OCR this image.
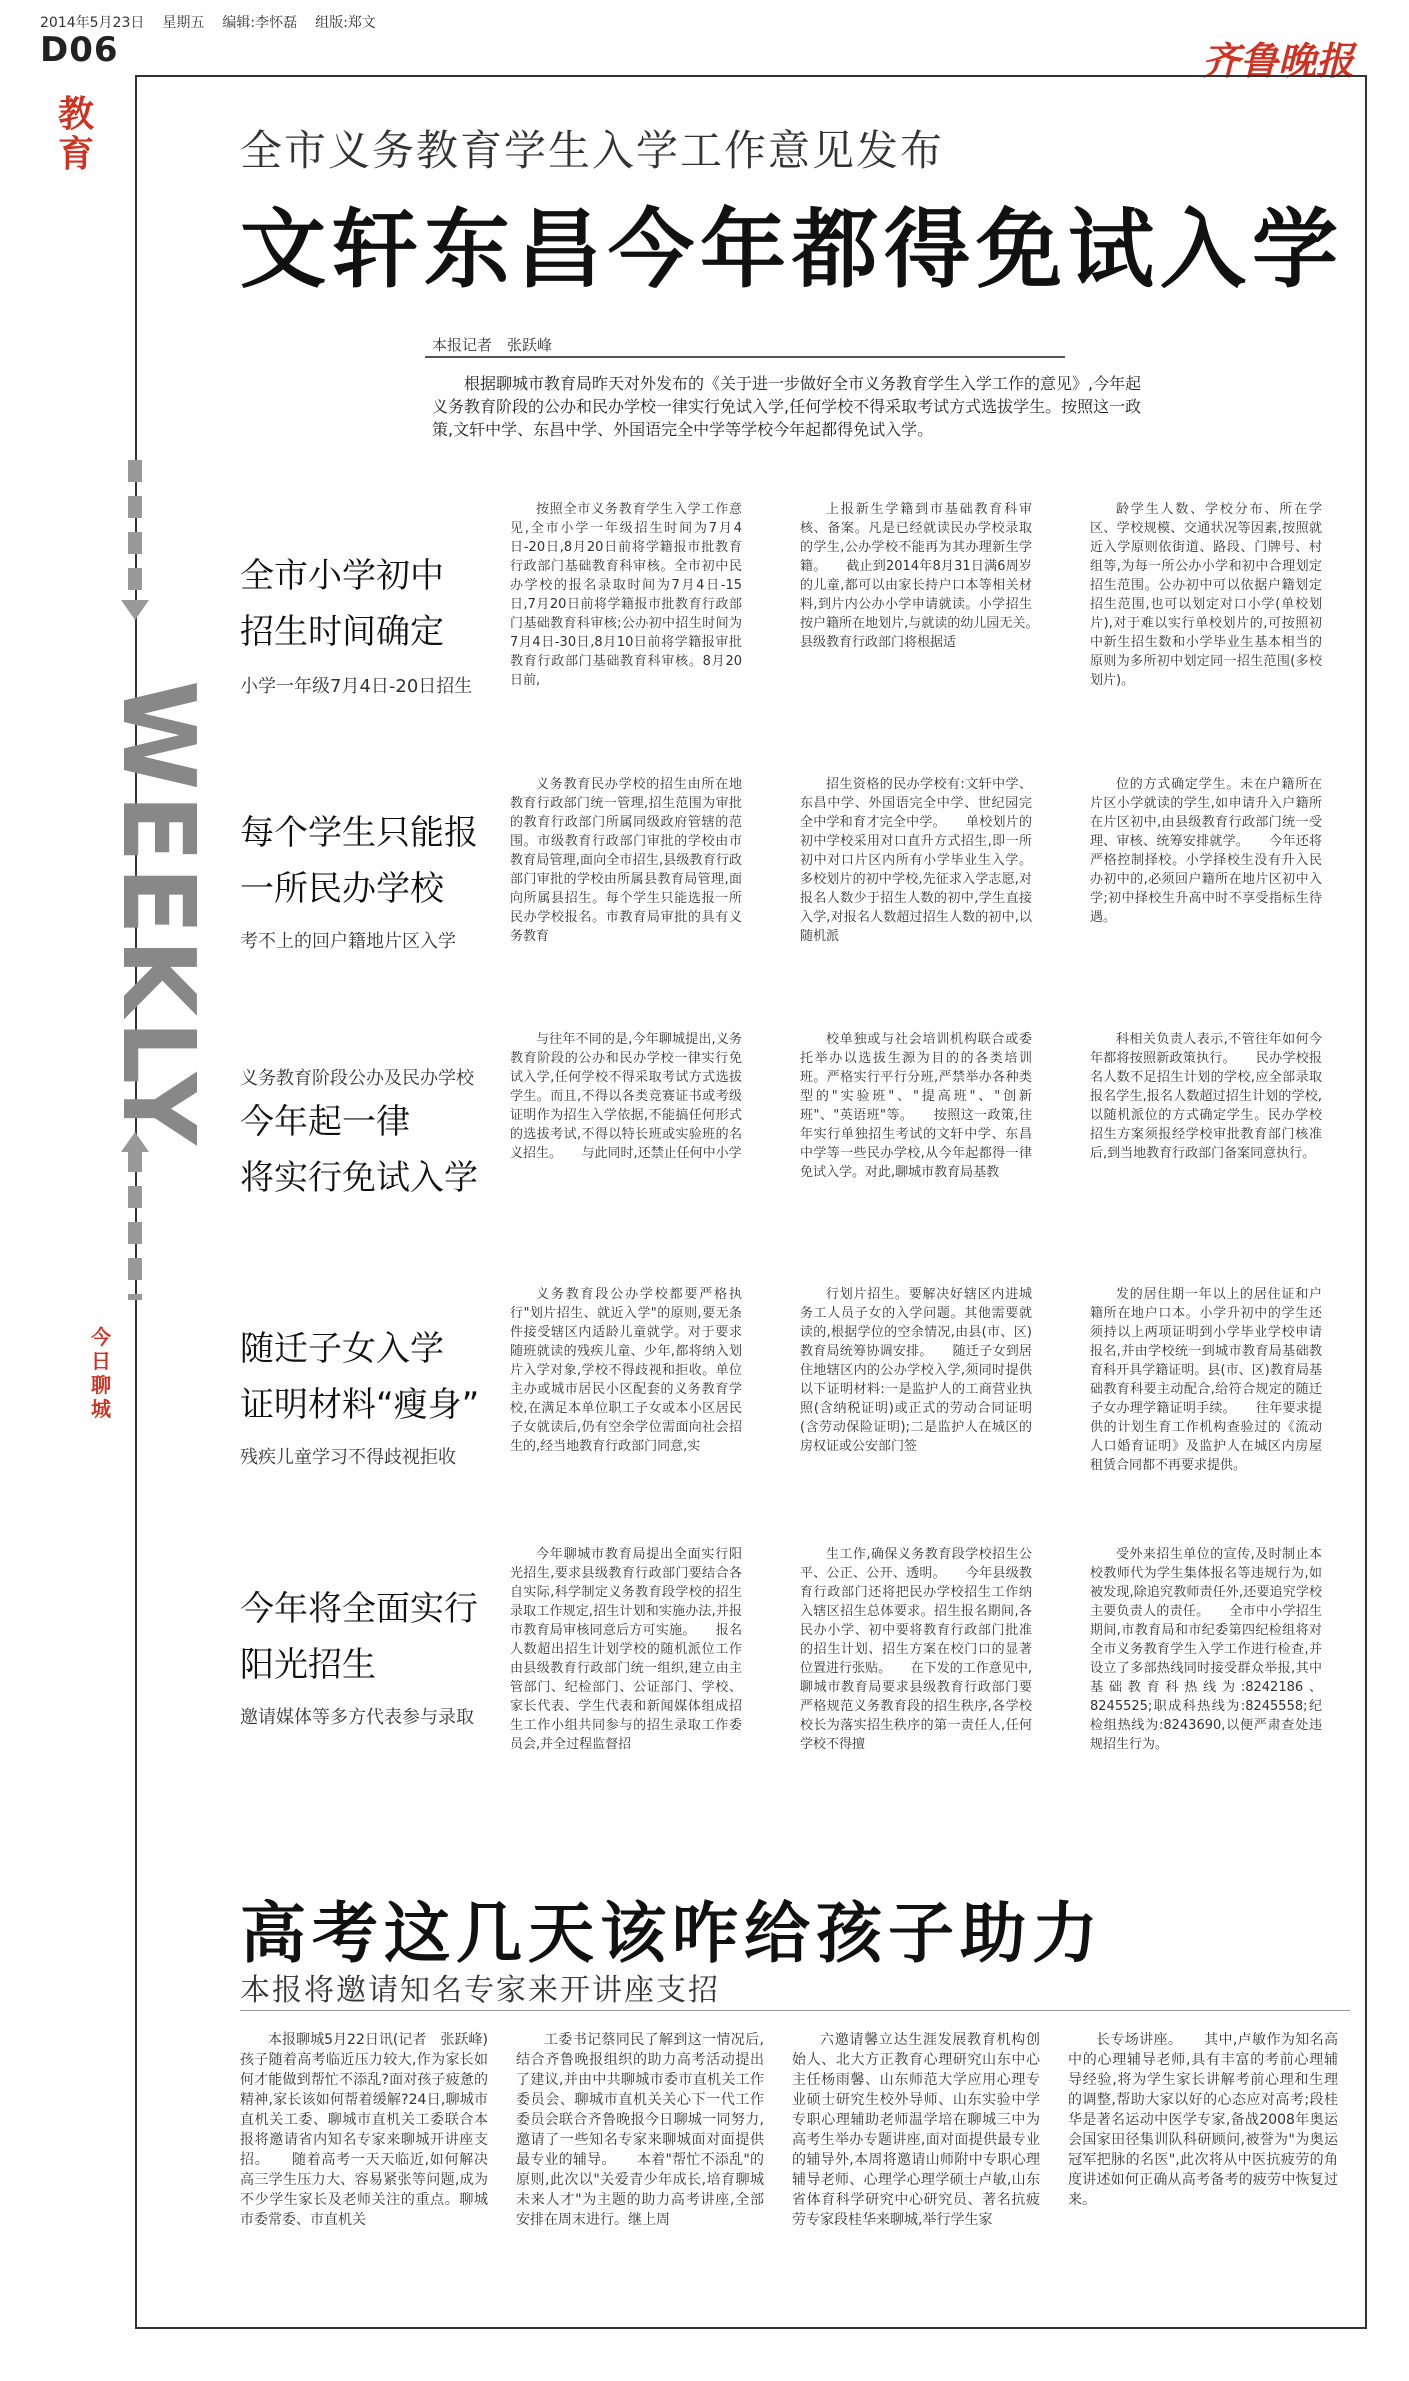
2014年5月23日 星期五 编辑:李怀磊 组版:郑文
D06	齐鲁晚报
教育
WEEKLY
今日聊城
全市义务教育学生入学工作意见发布
文轩东昌今年都得免试入学
本报记者　张跃峰
根据聊城市教育局昨天对外发布的《关于进一步做好全市义务教育学生入学工作的意见》,今年起义务教育阶段的公办和民办学校一律实行免试入学,任何学校不得采取考试方式选拔学生。按照这一政策,文轩中学、东昌中学、外国语完全中学等学校今年起都得免试入学。
全市小学初中
招生时间确定
小学一年级7月4日-20日招生

按照全市义务教育学生入学工作意见,全市小学一年级招生时间为7月4日-20日,8月20日前将学籍报市批教育行政部门基础教育科审核。全市初中民办学校的报名录取时间为7月4日-15日,7月20日前将学籍报市批教育行政部门基础教育科审核;公办初中招生时间为7月4日-30日,8月10日前将学籍报审批教育行政部门基础教育科审核。8月20日前,

上报新生学籍到市基础教育科审核、备案。凡是已经就读民办学校录取的学生,公办学校不能再为其办理新生学籍。　　截止到2014年8月31日满6周岁的儿童,都可以由家长持户口本等相关材料,到片内公办小学申请就读。小学招生按户籍所在地划片,与就读的幼儿园无关。　　县级教育行政部门将根据适

龄学生人数、学校分布、所在学区、学校规模、交通状况等因素,按照就近入学原则依街道、路段、门牌号、村组等,为每一所公办小学和初中合理划定招生范围。公办初中可以依据户籍划定招生范围,也可以划定对口小学(单校划片),对于难以实行单校划片的,可按照初中新生招生数和小学毕业生基本相当的原则为多所初中划定同一招生范围(多校划片)。

每个学生只能报
一所民办学校
考不上的回户籍地片区入学

义务教育民办学校的招生由所在地教育行政部门统一管理,招生范围为审批的教育行政部门所属同级政府管辖的范围。市级教育行政部门审批的学校由市教育局管理,面向全市招生,县级教育行政部门审批的学校由所属县教育局管理,面向所属县招生。每个学生只能选报一所民办学校报名。市教育局审批的具有义务教育

招生资格的民办学校有:文轩中学、东昌中学、外国语完全中学、世纪园完全中学和育才完全中学。　　单校划片的初中学校采用对口直升方式招生,即一所初中对口片区内所有小学毕业生入学。多校划片的初中学校,先征求入学志愿,对报名人数少于招生人数的初中,学生直接入学,对报名人数超过招生人数的初中,以随机派

位的方式确定学生。未在户籍所在片区小学就读的学生,如申请升入户籍所在片区初中,由县级教育行政部门统一受理、审核、统筹安排就学。　　今年还将严格控制择校。小学择校生没有升入民办初中的,必须回户籍所在地片区初中入学;初中择校生升高中时不享受指标生待遇。

义务教育阶段公办及民办学校
今年起一律
将实行免试入学

与往年不同的是,今年聊城提出,义务教育阶段的公办和民办学校一律实行免试入学,任何学校不得采取考试方式选拔学生。而且,不得以各类竞赛证书或考级证明作为招生入学依据,不能搞任何形式的选拔考试,不得以特长班或实验班的名义招生。　　与此同时,还禁止任何中小学

校单独或与社会培训机构联合或委托举办以选拔生源为目的的各类培训班。严格实行平行分班,严禁举办各种类型的"实验班"、"提高班"、"创新班"、"英语班"等。　　按照这一政策,往年实行单独招生考试的文轩中学、东昌中学等一些民办学校,从今年起都得一律免试入学。对此,聊城市教育局基教

科相关负责人表示,不管往年如何今年都将按照新政策执行。　　民办学校报名人数不足招生计划的学校,应全部录取报名学生,报名人数超过招生计划的学校,以随机派位的方式确定学生。民办学校招生方案须报经学校审批教育部门核准后,到当地教育行政部门备案同意执行。

随迁子女入学
证明材料“瘦身”
残疾儿童学习不得歧视拒收

义务教育段公办学校都要严格执行"划片招生、就近入学"的原则,要无条件接受辖区内适龄儿童就学。对于要求随班就读的残疾儿童、少年,都将纳入划片入学对象,学校不得歧视和拒收。单位主办或城市居民小区配套的义务教育学校,在满足本单位职工子女或本小区居民子女就读后,仍有空余学位需面向社会招生的,经当地教育行政部门同意,实

行划片招生。要解决好辖区内进城务工人员子女的入学问题。其他需要就读的,根据学位的空余情况,由县(市、区)教育局统筹协调安排。　　随迁子女到居住地辖区内的公办学校入学,须同时提供以下证明材料:一是监护人的工商营业执照(含纳税证明)或正式的劳动合同证明(含劳动保险证明);二是监护人在城区的房权证或公安部门签

发的居住期一年以上的居住证和户籍所在地户口本。小学升初中的学生还须持以上两项证明到小学毕业学校申请报名,并由学校统一到城市教育局基础教育科开具学籍证明。县(市、区)教育局基础教育科要主动配合,给符合规定的随迁子女办理学籍证明手续。　　往年要求提供的计划生育工作机构查验过的《流动人口婚育证明》及监护人在城区内房屋租赁合同都不再要求提供。

今年将全面实行
阳光招生
邀请媒体等多方代表参与录取

今年聊城市教育局提出全面实行阳光招生,要求县级教育行政部门要结合各自实际,科学制定义务教育段学校的招生录取工作规定,招生计划和实施办法,并报市教育局审核同意后方可实施。　　报名人数超出招生计划学校的随机派位工作由县级教育行政部门统一组织,建立由主管部门、纪检部门、公证部门、学校、家长代表、学生代表和新闻媒体组成招生工作小组共同参与的招生录取工作委员会,并全过程监督招

生工作,确保义务教育段学校招生公平、公正、公开、透明。　　今年县级教育行政部门还将把民办学校招生工作纳入辖区招生总体要求。招生报名期间,各民办小学、初中要将教育行政部门批准的招生计划、招生方案在校门口的显著位置进行张贴。　　在下发的工作意见中,聊城市教育局要求县级教育行政部门要严格规范义务教育段的招生秩序,各学校校长为落实招生秩序的第一责任人,任何学校不得擅

受外来招生单位的宣传,及时制止本校教师代为学生集体报名等违规行为,如被发现,除追究教师责任外,还要追究学校主要负责人的责任。　　全市中小学招生期间,市教育局和市纪委第四纪检组将对全市义务教育学生入学工作进行检查,并设立了多部热线同时接受群众举报,其中基础教育科热线为:8242186、8245525;职成科热线为:8245558;纪检组热线为:8243690,以便严肃查处违规招生行为。

高考这几天该咋给孩子助力
本报将邀请知名专家来开讲座支招

本报聊城5月22日讯(记者　张跃峰)　孩子随着高考临近压力较大,作为家长如何才能做到帮忙不添乱?面对孩子疲惫的精神,家长该如何帮着缓解?24日,聊城市直机关工委、聊城市直机关工委联合本报将邀请省内知名专家来聊城开讲座支招。　　随着高考一天天临近,如何解决高三学生压力大、容易紧张等问题,成为不少学生家长及老师关注的重点。聊城市委常委、市直机关

工委书记蔡同民了解到这一情况后,结合齐鲁晚报组织的助力高考活动提出了建议,并由中共聊城市委市直机关工作委员会、聊城市直机关关心下一代工作委员会联合齐鲁晚报今日聊城一同努力,邀请了一些知名专家来聊城面对面提供最专业的辅导。　　本着"帮忙不添乱"的原则,此次以"关爱青少年成长,培育聊城未来人才"为主题的助力高考讲座,全部安排在周末进行。继上周

六邀请馨立达生涯发展教育机构创始人、北大方正教育心理研究山东中心主任杨雨馨、山东师范大学应用心理专业硕士研究生校外导师、山东实验中学专职心理辅助老师温学培在聊城三中为高考生举办专题讲座,面对面提供最专业的辅导外,本周将邀请山师附中专职心理辅导老师、心理学心理学硕士卢敏,山东省体育科学研究中心研究员、著名抗疲劳专家段桂华来聊城,举行学生家

长专场讲座。　　其中,卢敏作为知名高中的心理辅导老师,具有丰富的考前心理辅导经验,将为学生家长讲解考前心理和生理的调整,帮助大家以好的心态应对高考;段桂华是著名运动中医学专家,备战2008年奥运会国家田径集训队科研顾问,被誉为"为奥运冠军把脉的名医",此次将从中医抗疲劳的角度讲述如何正确从高考备考的疲劳中恢复过来。
